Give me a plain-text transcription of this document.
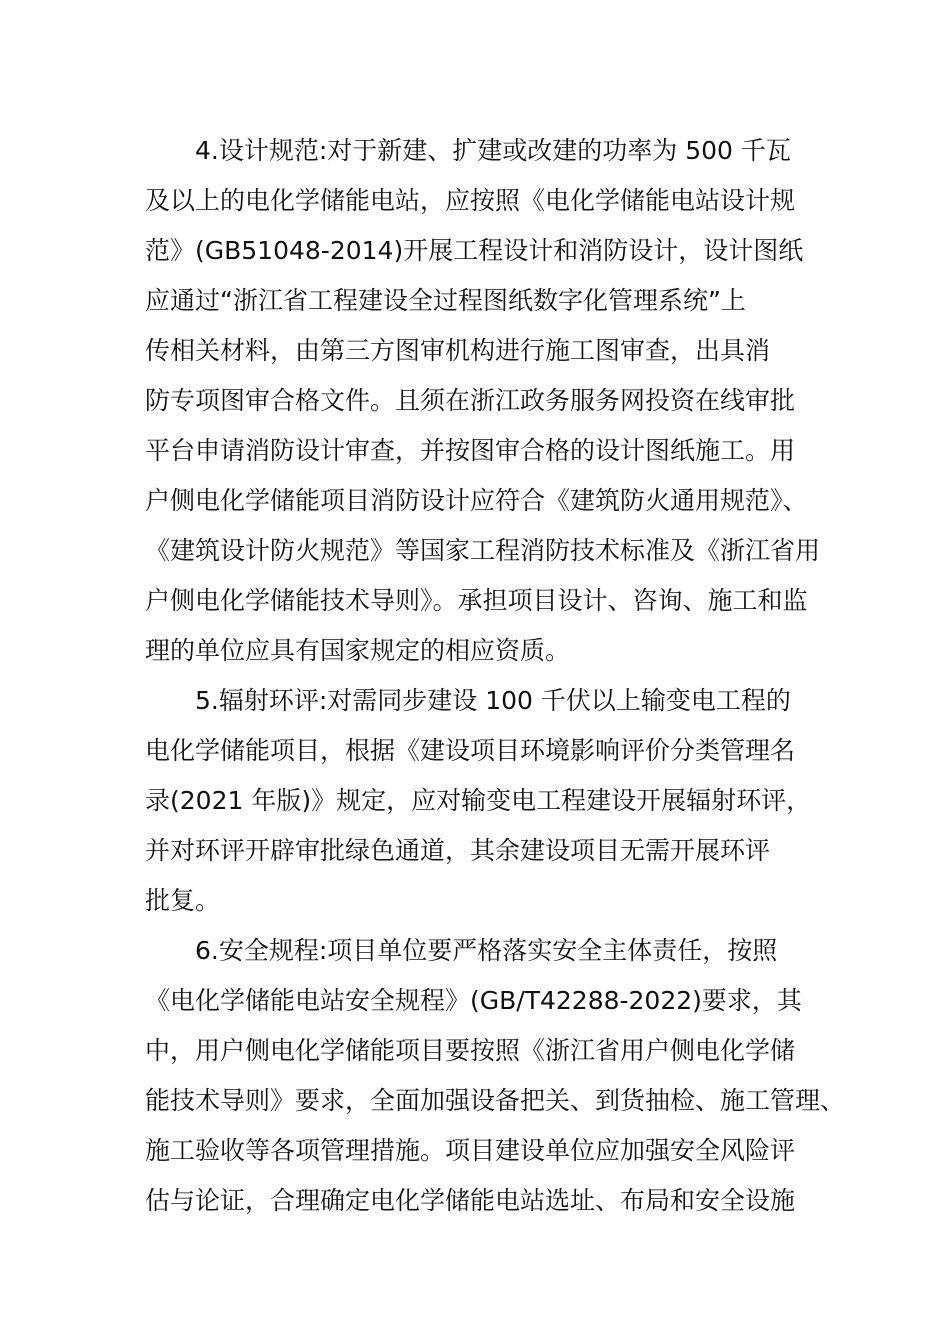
4.设计规范:对于新建、扩建或改建的功率为 500 千瓦
及以上的电化学储能电站，应按照《电化学储能电站设计规
范》(GB51048-2014)开展工程设计和消防设计，设计图纸
应通过“浙江省工程建设全过程图纸数字化管理系统”上
传相关材料，由第三方图审机构进行施工图审查，出具消
防专项图审合格文件。且须在浙江政务服务网投资在线审批
平台申请消防设计审查，并按图审合格的设计图纸施工。用
户侧电化学储能项目消防设计应符合《建筑防火通用规范》、
《建筑设计防火规范》等国家工程消防技术标准及《浙江省用
户侧电化学储能技术导则》。承担项目设计、咨询、施工和监
理的单位应具有国家规定的相应资质。
5.辐射环评:对需同步建设 100 千伏以上输变电工程的
电化学储能项目，根据《建设项目环境影响评价分类管理名
录(2021 年版)》规定，应对输变电工程建设开展辐射环评，
并对环评开辟审批绿色通道，其余建设项目无需开展环评
批复。
6.安全规程:项目单位要严格落实安全主体责任，按照
《电化学储能电站安全规程》(GB/T42288-2022)要求，其
中，用户侧电化学储能项目要按照《浙江省用户侧电化学储
能技术导则》要求，全面加强设备把关、到货抽检、施工管理、
施工验收等各项管理措施。项目建设单位应加强安全风险评
估与论证，合理确定电化学储能电站选址、布局和安全设施
